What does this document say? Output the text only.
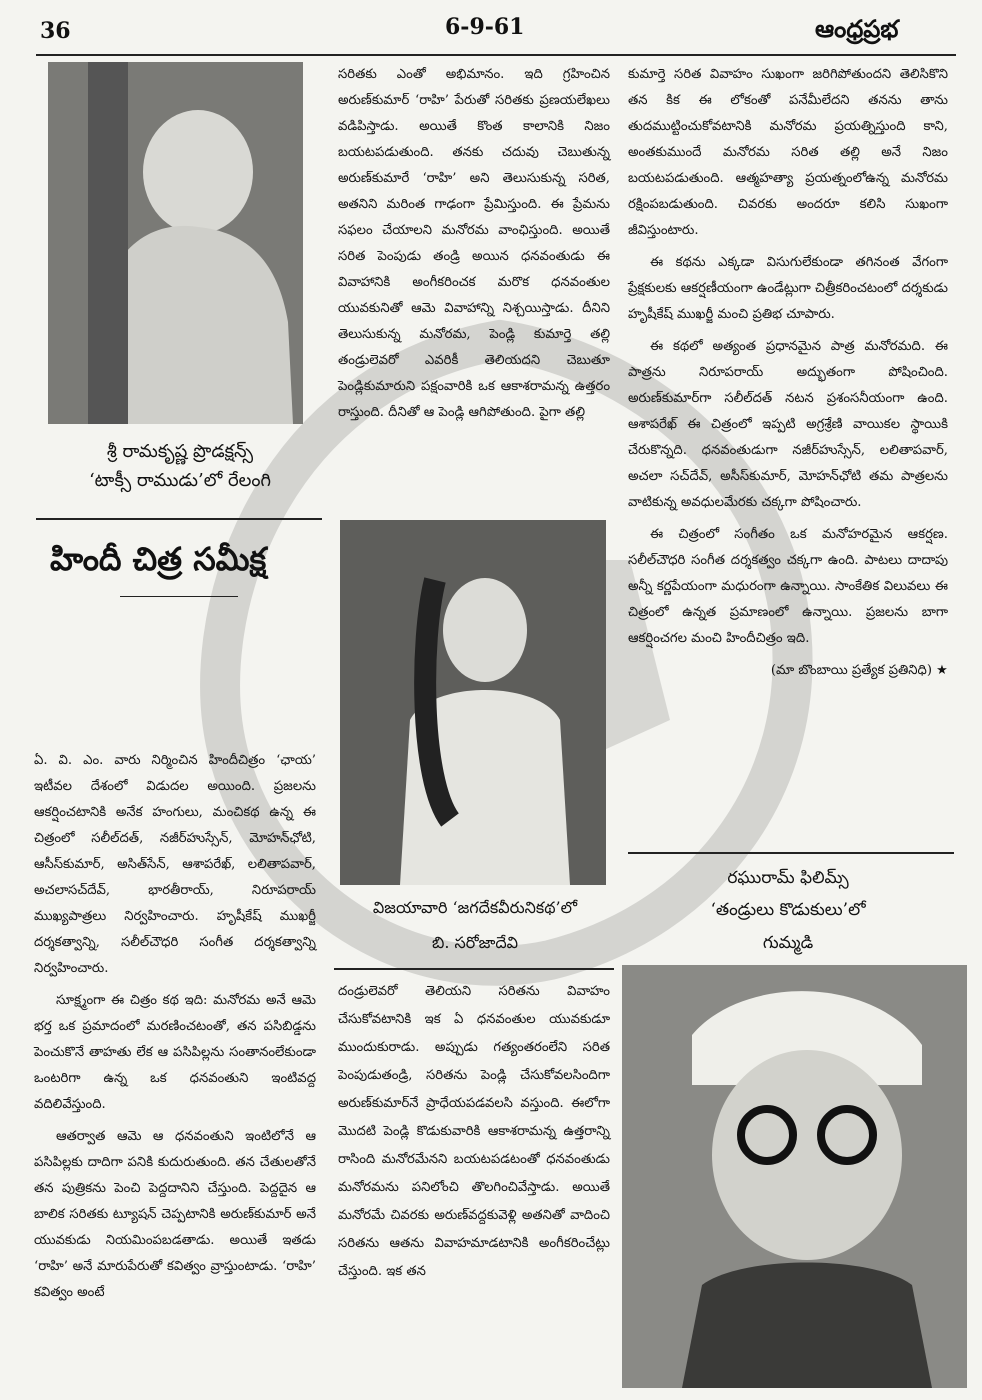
36	6-9-61	ఆంధ్రప్రభ
శ్రీ రామకృష్ణ ప్రొడక్షన్స్
‘టాక్సీ రాముడు’లో రేలంగి
హిందీ చిత్ర సమీక్ష

ఏ. వి. ఎం. వారు నిర్మించిన హిందీచిత్రం ‘ఛాయ’ ఇటీవల దేశంలో విడుదల అయింది. ప్రజలను ఆకర్షించటానికి అనేక హంగులు, మంచికథ ఉన్న ఈ చిత్రంలో సలీల్‌దత్, నజీర్‌హుస్సేన్, మోహన్‌ఛోటి, ఆసీస్‌కుమార్, అసిత్‌సేన్, ఆశాపరేఖ్, లలితాపవార్, అచలాసచ్‌దేవ్, భారతీరాయ్, నిరూపరాయ్ ముఖ్యపాత్రలు నిర్వహించారు. హృషీకేష్ ముఖర్జీ దర్శకత్వాన్ని, సలీల్‌చౌధరి సంగీత దర్శకత్వాన్ని నిర్వహించారు.

సూక్ష్మంగా ఈ చిత్రం కథ ఇది: మనోరమ అనే ఆమె భర్త ఒక ప్రమాదంలో మరణించటంతో, తన పసిబిడ్డను పెంచుకొనే తాహతు లేక ఆ పసిపిల్లను సంతానంలేకుండా ఒంటరిగా ఉన్న ఒక ధనవంతుని ఇంటివద్ద వదిలివేస్తుంది.

ఆతర్వాత ఆమె ఆ ధనవంతుని ఇంటిలోనే ఆ పసిపిల్లకు దాదిగా పనికి కుదురుతుంది. తన చేతులతోనే తన పుత్రికను పెంచి పెద్దదానిని చేస్తుంది. పెద్దదైన ఆ బాలిక సరితకు ట్యూషన్ చెప్పటానికి అరుణ్‌కుమార్ అనే యువకుడు నియమింపబడతాడు. అయితే ఇతడు ‘రాహి’ అనే మారుపేరుతో కవిత్వం వ్రాస్తుంటాడు. ‘రాహి’ కవిత్వం అంటే

సరితకు ఎంతో అభిమానం. ఇది గ్రహించిన అరుణ్‌కుమార్ ‘రాహి’ పేరుతో సరితకు ప్రణయలేఖలు వడిపిస్తాడు. అయితే కొంత కాలానికి నిజం బయటపడుతుంది. తనకు చదువు చెబుతున్న అరుణ్‌కుమారే ‘రాహి’ అని తెలుసుకున్న సరిత, అతనిని మరింత గాఢంగా ప్రేమిస్తుంది. ఈ ప్రేమను సఫలం చేయాలని మనోరమ వాంఛిస్తుంది. అయితే సరిత పెంపుడు తండ్రి అయిన ధనవంతుడు ఈ వివాహానికి అంగీకరించక మరొక ధనవంతుల యువకునితో ఆమె వివాహాన్ని నిశ్చయిస్తాడు. దీనిని తెలుసుకున్న మనోరమ, పెండ్లి కుమార్తె తల్లి తండ్రులెవరో ఎవరికీ తెలియదని చెబుతూ పెండ్లికుమారుని పక్షంవారికి ఒక ఆకాశరామన్న ఉత్తరం రాస్తుంది. దీనితో ఆ పెండ్లి ఆగిపోతుంది. పైగా తల్లి

విజయావారి ‘జగదేకవీరునికథ’లో
బి. సరోజాదేవి

దండ్రులెవరో తెలియని సరితను వివాహం చేసుకోవటానికి ఇక ఏ ధనవంతుల యువకుడూ ముందుకురాడు. అప్పుడు గత్యంతరంలేని సరిత పెంపుడుతండ్రి, సరితను పెండ్లి చేసుకోవలసిందిగా అరుణ్‌కుమార్‌నే ప్రాధేయపడవలసి వస్తుంది. ఈలోగా మొదటి పెండ్లి కొడుకువారికి ఆకాశరామన్న ఉత్తరాన్ని రాసింది మనోరమేనని బయటపడటంతో ధనవంతుడు మనోరమను పనిలోంచి తొలగించివేస్తాడు. అయితే మనోరమే చివరకు అరుణ్‌వద్దకువెళ్లి అతనితో వాదించి సరితను ఆతను వివాహమాడటానికి అంగీకరించేట్లు చేస్తుంది. ఇక తన

కుమార్తె సరిత వివాహం సుఖంగా జరిగిపోతుందని తెలిసికొని తన కిక ఈ లోకంతో పనేమీలేదని తనను తాను తుదముట్టించుకోవటానికి మనోరమ ప్రయత్నిస్తుంది కాని, అంతకుముందే మనోరమ సరిత తల్లి అనే నిజం బయటపడుతుంది. ఆత్మహత్యా ప్రయత్నంలోఉన్న మనోరమ రక్షింపబడుతుంది. చివరకు అందరూ కలిసి సుఖంగా జీవిస్తుంటారు.

ఈ కథను ఎక్కడా విసుగులేకుండా తగినంత వేగంగా ప్రేక్షకులకు ఆకర్షణీయంగా ఉండేట్లుగా చిత్రీకరించటంలో దర్శకుడు హృషీకేష్ ముఖర్జీ మంచి ప్రతిభ చూపారు.

ఈ కథలో అత్యంత ప్రధానమైన పాత్ర మనోరమది. ఈ పాత్రను నిరూపరాయ్ అద్భుతంగా పోషించింది. అరుణ్‌కుమార్‌గా సలీల్‌దత్ నటన ప్రశంసనీయంగా ఉంది. ఆశాపరేఖ్ ఈ చిత్రంలో ఇప్పటి అగ్రశ్రేణి వాయికల స్థాయికి చేరుకొన్నది. ధనవంతుడుగా నజీర్‌హుస్సేన్, లలితాపవార్, అచలా సచ్‌దేవ్, అసీస్‌కుమార్, మోహన్‌ఛోటి తమ పాత్రలను వాటికున్న అవధులమేరకు చక్కగా పోషించారు.

ఈ చిత్రంలో సంగీతం ఒక మనోహరమైన ఆకర్షణ. సలీల్‌చౌధరి సంగీత దర్శకత్వం చక్కగా ఉంది. పాటలు దాదాపు అన్నీ కర్ణపేయంగా మధురంగా ఉన్నాయి. సాంకేతిక విలువలు ఈ చిత్రంలో ఉన్నత ప్రమాణంలో ఉన్నాయి. ప్రజలను బాగా ఆకర్షించగల మంచి హిందీచిత్రం ఇది.

(మా బొంబాయి ప్రత్యేక ప్రతినిధి) ★

రఘురామ్ ఫిలిమ్స్
‘తండ్రులు కొడుకులు’లో
గుమ్మడి
